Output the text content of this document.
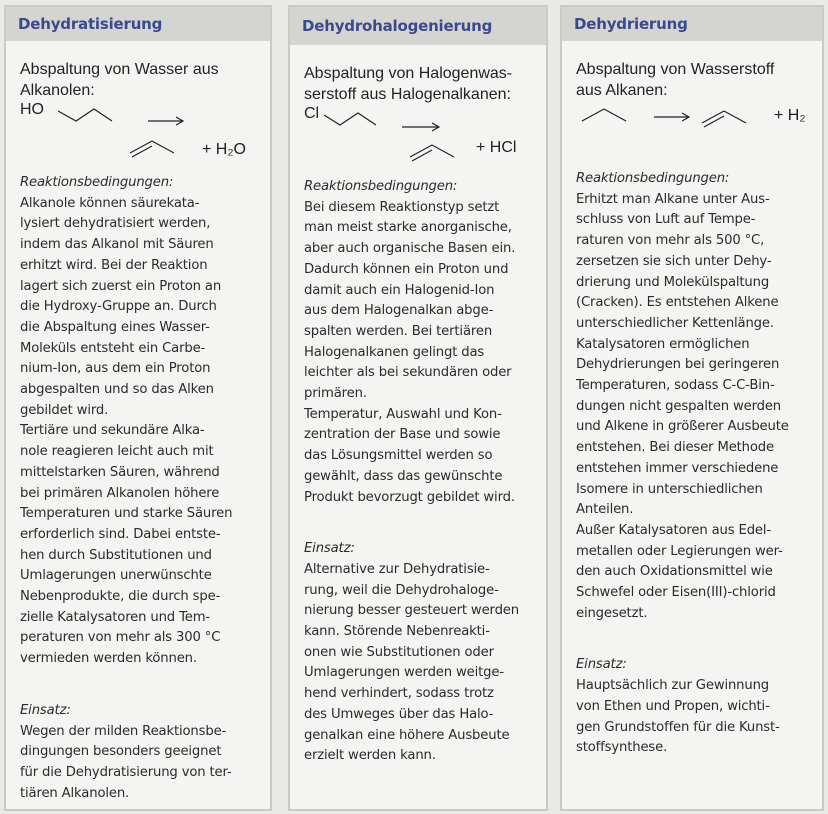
Dehydratisierung
Abspaltung von Wasser aus
Alkanolen:
HO
+ H₂O
Reaktionsbedingungen:
Alkanole können säurekata-
lysiert dehydratisiert werden,
indem das Alkanol mit Säuren
erhitzt wird. Bei der Reaktion
lagert sich zuerst ein Proton an
die Hydroxy-Gruppe an. Durch
die Abspaltung eines Wasser-
Moleküls entsteht ein Carbe-
nium-Ion, aus dem ein Proton
abgespalten und so das Alken
gebildet wird.
Tertiäre und sekundäre Alka-
nole reagieren leicht auch mit
mittelstarken Säuren, während
bei primären Alkanolen höhere
Temperaturen und starke Säuren
erforderlich sind. Dabei entste-
hen durch Substitutionen und
Umlagerungen unerwünschte
Nebenprodukte, die durch spe-
zielle Katalysatoren und Tem-
peraturen von mehr als 300 °C
vermieden werden können.
Einsatz:
Wegen der milden Reaktionsbe-
dingungen besonders geeignet
für die Dehydratisierung von ter-
tiären Alkanolen.
Dehydrohalogenierung
Abspaltung von Halogenwas-
serstoff aus Halogenalkanen:
Cl
+ HCl
Reaktionsbedingungen:
Bei diesem Reaktionstyp setzt
man meist starke anorganische,
aber auch organische Basen ein.
Dadurch können ein Proton und
damit auch ein Halogenid-Ion
aus dem Halogenalkan abge-
spalten werden. Bei tertiären
Halogenalkanen gelingt das
leichter als bei sekundären oder
primären.
Temperatur, Auswahl und Kon-
zentration der Base und sowie
das Lösungsmittel werden so
gewählt, dass das gewünschte
Produkt bevorzugt gebildet wird.
Einsatz:
Alternative zur Dehydratisie-
rung, weil die Dehydrohaloge-
nierung besser gesteuert werden
kann. Störende Nebenreakti-
onen wie Substitutionen oder
Umlagerungen werden weitge-
hend verhindert, sodass trotz
des Umweges über das Halo-
genalkan eine höhere Ausbeute
erzielt werden kann.
Dehydrierung
Abspaltung von Wasserstoff
aus Alkanen:
+ H₂
Reaktionsbedingungen:
Erhitzt man Alkane unter Aus-
schluss von Luft auf Tempe-
raturen von mehr als 500 °C,
zersetzen sie sich unter Dehy-
drierung und Molekülspaltung
(Cracken). Es entstehen Alkene
unterschiedlicher Kettenlänge.
Katalysatoren ermöglichen
Dehydrierungen bei geringeren
Temperaturen, sodass C-C-Bin-
dungen nicht gespalten werden
und Alkene in größerer Ausbeute
entstehen. Bei dieser Methode
entstehen immer verschiedene
Isomere in unterschiedlichen
Anteilen.
Außer Katalysatoren aus Edel-
metallen oder Legierungen wer-
den auch Oxidationsmittel wie
Schwefel oder Eisen(III)-chlorid
eingesetzt.
Einsatz:
Hauptsächlich zur Gewinnung
von Ethen und Propen, wichti-
gen Grundstoffen für die Kunst-
stoffsynthese.
